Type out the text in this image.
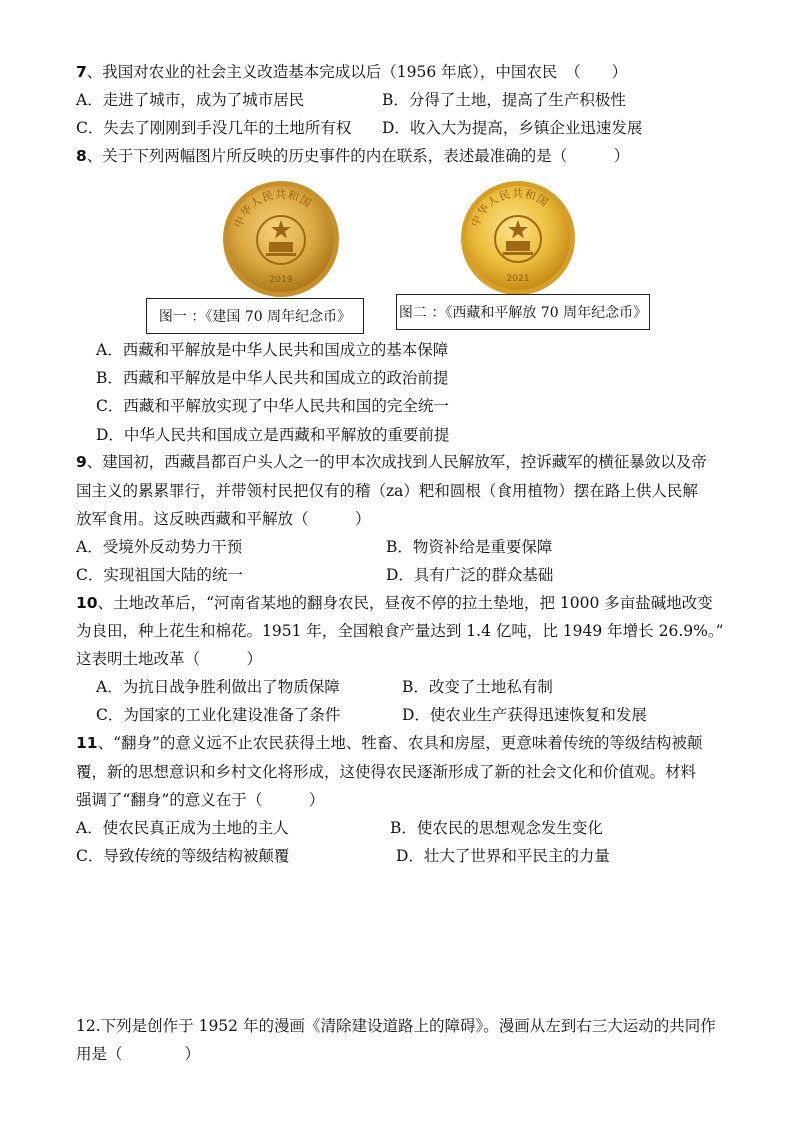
7、我国对农业的社会主义改造基本完成以后（1956 年底），中国农民　（　　）
A．走进了城市，成为了城市居民	B．分得了土地，提高了生产积极性
C．失去了刚刚到手没几年的土地所有权 D．收入大为提高，乡镇企业迅速发展
8、关于下列两幅图片所反映的历史事件的内在联系，表述最准确的是（　　　）
中华人民共和国
2019
中华人民共和国
2021
图一 ：《建国 70 周年纪念币》	图二 ：《西藏和平解放 70 周年纪念币》
A．西藏和平解放是中华人民共和国成立的基本保障
B．西藏和平解放是中华人民共和国成立的政治前提
C．西藏和平解放实现了中华人民共和国的完全统一
D．中华人民共和国成立是西藏和平解放的重要前提
9、建国初，西藏昌都百户头人之一的甲本次成找到人民解放军，控诉藏军的横征暴敛以及帝
国主义的累累罪行，并带领村民把仅有的稽（za）粑和圆根（食用植物）摆在路上供人民解
放军食用。这反映西藏和平解放（　　　）
A．受境外反动势力干预	B．物资补给是重要保障
C．实现祖国大陆的统一	D．具有广泛的群众基础
10、土地改革后，“河南省某地的翻身农民，昼夜不停的拉土垫地，把 1000 多亩盐碱地改变
为良田，种上花生和棉花。1951 年，全国粮食产量达到 1.4 亿吨，比 1949 年增长 26.9%。”
这表明土地改革（　　　）
A．为抗日战争胜利做出了物质保障	B．改变了土地私有制
C．为国家的工业化建设准备了条件	D．使农业生产获得迅速恢复和发展
11、“翻身”的意义远不止农民获得土地、牲畜、农具和房屋，更意味着传统的等级结构被颠
覆，新的思想意识和乡村文化将形成，这使得农民逐渐形成了新的社会文化和价值观。材料
强调了“翻身”的意义在于（　　　）
A．使农民真正成为土地的主人	B．使农民的思想观念发生变化
C．导致传统的等级结构被颠覆	D．壮大了世界和平民主的力量
12.下列是创作于 1952 年的漫画《清除建设道路上的障碍》。漫画从左到右三大运动的共同作
用是（　　　　）
